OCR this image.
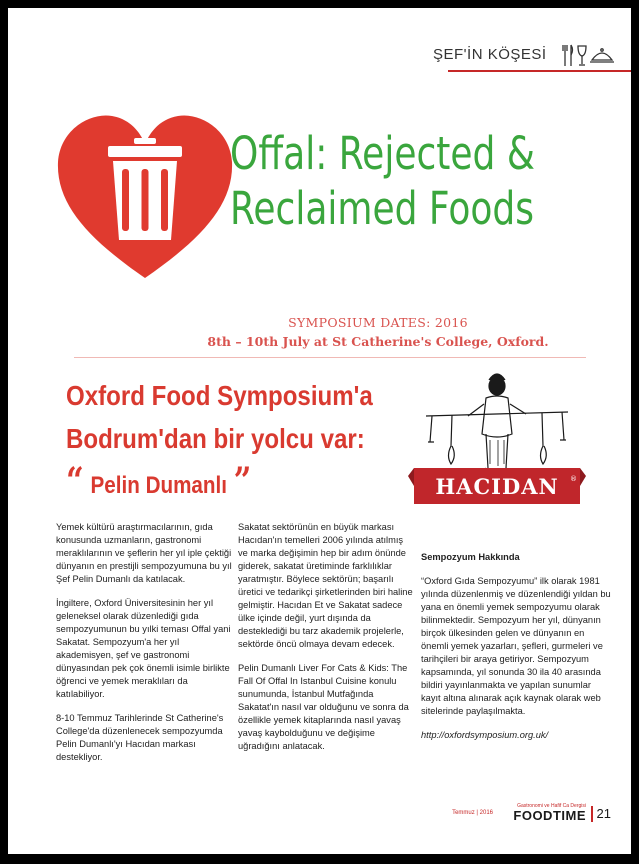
ŞEF'İN KÖŞESİ
Offal: Rejected &
Reclaimed Foods
SYMPOSIUM DATES: 2016
8th – 10th July at St Catherine's College, Oxford.
Oxford Food Symposium'a
Bodrum'dan bir yolcu var:
“ Pelin Dumanlı ”	HACIDAN ®

Yemek kültürü araştırmacılarının, gıda konusunda uzmanların, gastronomi meraklılarının ve şeflerin her yıl iple çektiği dünyanın en prestijli sempozyumuna bu yıl Şef Pelin Dumanlı da katılacak.

İngiltere, Oxford Üniversitesinin her yıl geleneksel olarak düzenlediği gıda sempozyumunun bu yılki teması Offal yani Sakatat. Sempozyum'a her yıl akademisyen, şef ve gastronomi dünyasından pek çok önemli isimle birlikte öğrenci ve yemek meraklıları da katılabiliyor.

8-10 Temmuz Tarihlerinde St Catherine's College'da düzenlenecek sempozyumda Pelin Dumanlı'yı Hacıdan markası destekliyor.

Sakatat sektörünün en büyük markası Hacıdan'ın temelleri 2006 yılında atılmış ve marka değişimin hep bir adım önünde giderek, sakatat üretiminde farklılıklar yaratmıştır. Böylece sektörün; başarılı üretici ve tedarikçi şirketlerinden biri haline gelmiştir. Hacıdan Et ve Sakatat sadece ülke içinde değil, yurt dışında da desteklediği bu tarz akademik projelerle, sektörde öncü olmaya devam edecek.

Pelin Dumanlı Liver For Cats & Kids: The Fall Of Offal In Istanbul Cuisine konulu sunumunda, İstanbul Mutfağında Sakatat'ın nasıl var olduğunu ve sonra da özellikle yemek kitaplarında nasıl yavaş yavaş kaybolduğunu ve değişime uğradığını anlatacak.

Sempozyum Hakkında

“Oxford Gıda Sempozyumu” ilk olarak 1981 yılında düzenlenmiş ve düzenlendiği yıldan bu yana en önemli yemek sempozyumu olarak bilinmektedir. Sempozyum her yıl, dünyanın birçok ülkesinden gelen ve dünyanın en önemli yemek yazarları, şefleri, gurmeleri ve tarihçileri bir araya getiriyor. Sempozyum kapsamında, yıl sonunda 30 ila 40 arasında bildiri yayınlanmakta ve yapılan sunumlar kayıt altına alınarak açık kaynak olarak web sitelerinde paylaşılmakta.

http://oxfordsymposium.org.uk/
Temmuz | 2016
Gastronomi ve Hafif Ca Dergisi
FOODTIME 21
